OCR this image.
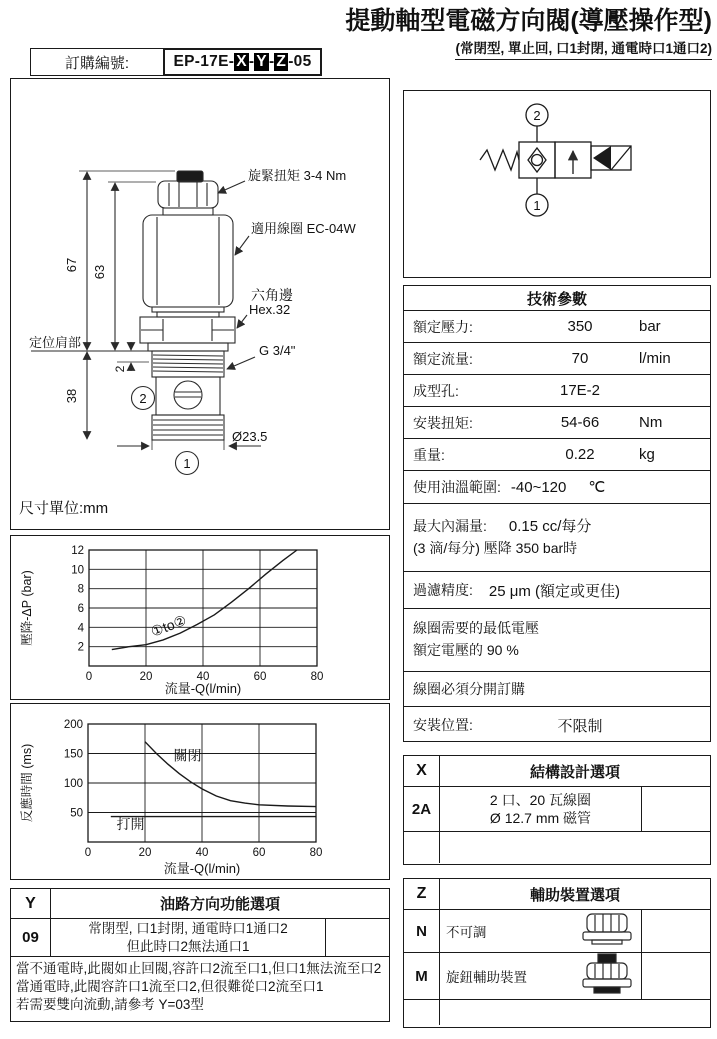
提動軸型電磁方向閥(導壓操作型)
(常閉型, 單止回, 口1封閉, 通電時口1通口2)
訂購編號:	EP-17E- X - Y - Z -05
旋緊扭矩 3-4 Nm
適用線圈 EC-04W
六角邊
Hex.32
G 3/4"
定位肩部
67 63
2
38
Ø23.5
2
1
尺寸單位:mm
2
1
技術參數
額定壓力:	350	bar
額定流量:	70	l/min
成型孔:	17E-2
安裝扭矩:	54-66	Nm
重量:	0.22	kg
使用油溫範圍: -40~120 ℃
最大內漏量: 0.15 cc/每分
(3 滴/每分) 壓降 350 bar時
過濾精度: 25 μm (額定或更佳)
線圈需要的最低電壓
額定電壓的 90 %
線圈必須分開訂購
安裝位置:	不限制
0	20	40	60	80
2
4
6
8
10
12
①to②
流量-Q(l/min)
壓降-ΔP (bar)
0	20	40	60	80
50
100
150
200
關閉
打開
流量-Q(l/min)
反應時間 (ms)
Y	油路方向功能選項
09
常閉型, 口1封閉, 通電時口1通口2
但此時口2無法通口1
當不通電時,此閥如止回閥,容許口2流至口1,但口1無法流至口2
當通電時,此閥容許口1流至口2,但很難從口2流至口1
若需要雙向流動,請參考 Y=03型
X	結構設計選項
2A
2 口、20 瓦線圈
Ø 12.7 mm 磁管
Z	輔助裝置選項
N	不可調
M	旋鈕輔助裝置
